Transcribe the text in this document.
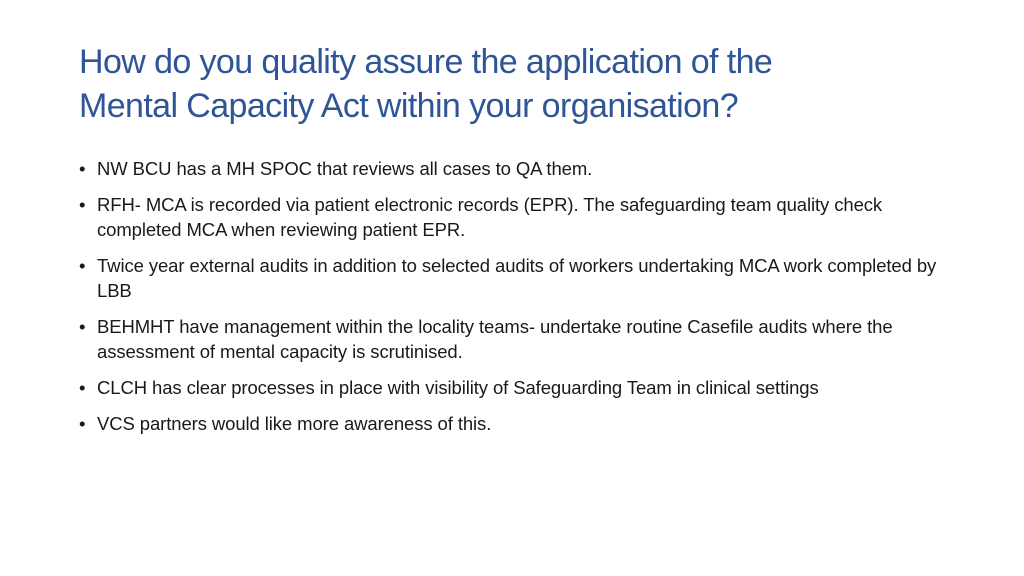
How do you quality assure the application of the
Mental Capacity Act within your organisation?
• NW BCU has a MH SPOC that reviews all cases to QA them.
• RFH- MCA is recorded via patient electronic records (EPR). The safeguarding team quality check completed MCA when reviewing patient EPR.
• Twice year external audits in addition to selected audits of workers undertaking MCA work completed by LBB
• BEHMHT have management within the locality teams- undertake routine Casefile audits where the assessment of mental capacity is scrutinised.
• CLCH has clear processes in place with visibility of Safeguarding Team in clinical settings
• VCS partners would like more awareness of this.
